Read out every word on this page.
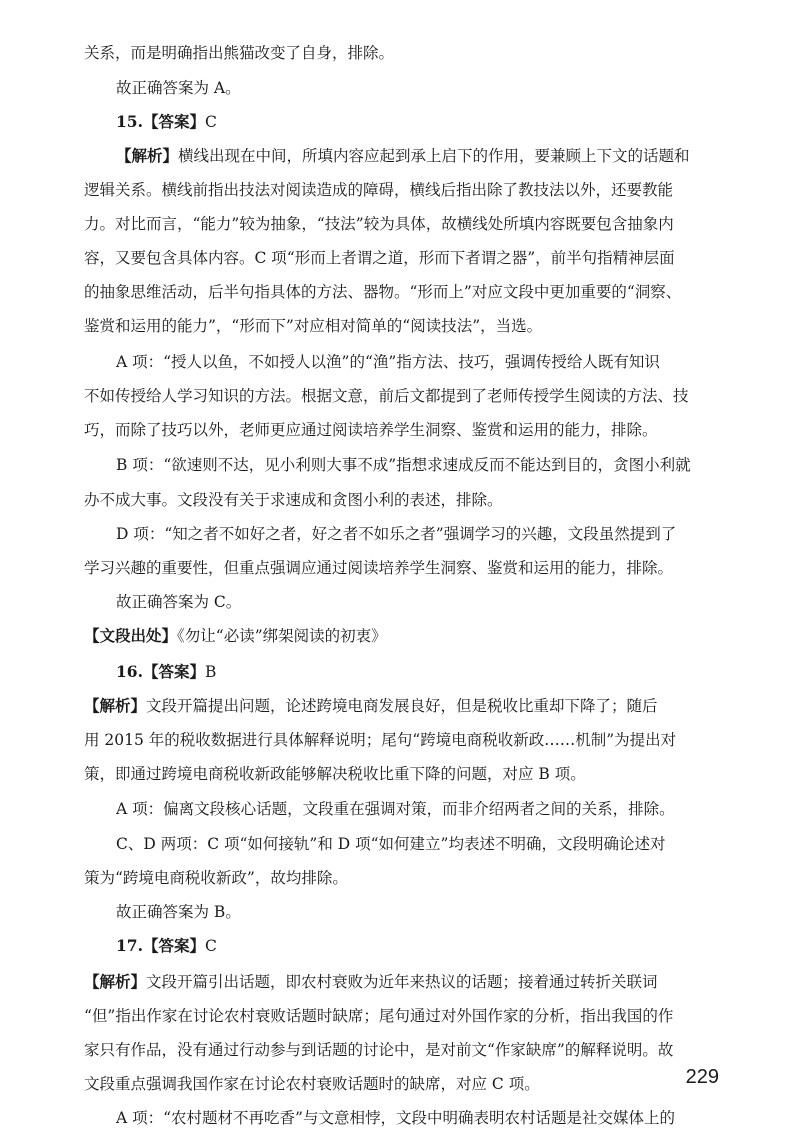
关系，而是明确指出熊猫改变了自身，排除。
故正确答案为 A。
15.【答案】C
【解析】横线出现在中间，所填内容应起到承上启下的作用，要兼顾上下文的话题和
逻辑关系。横线前指出技法对阅读造成的障碍，横线后指出除了教技法以外，还要教能
力。对比而言，“能力”较为抽象，“技法”较为具体，故横线处所填内容既要包含抽象内
容，又要包含具体内容。C 项“形而上者谓之道，形而下者谓之器”，前半句指精神层面
的抽象思维活动，后半句指具体的方法、器物。“形而上”对应文段中更加重要的“洞察、
鉴赏和运用的能力”，“形而下”对应相对简单的“阅读技法”，当选。
A 项：“授人以鱼，不如授人以渔”的“渔”指方法、技巧，强调传授给人既有知识
不如传授给人学习知识的方法。根据文意，前后文都提到了老师传授学生阅读的方法、技
巧，而除了技巧以外，老师更应通过阅读培养学生洞察、鉴赏和运用的能力，排除。
B 项：“欲速则不达，见小利则大事不成”指想求速成反而不能达到目的，贪图小利就
办不成大事。文段没有关于求速成和贪图小利的表述，排除。
D 项：“知之者不如好之者，好之者不如乐之者”强调学习的兴趣，文段虽然提到了
学习兴趣的重要性，但重点强调应通过阅读培养学生洞察、鉴赏和运用的能力，排除。
故正确答案为 C。
【文段出处】《勿让“必读”绑架阅读的初衷》
16.【答案】B
【解析】文段开篇提出问题，论述跨境电商发展良好，但是税收比重却下降了；随后
用 2015 年的税收数据进行具体解释说明；尾句“跨境电商税收新政……机制”为提出对
策，即通过跨境电商税收新政能够解决税收比重下降的问题，对应 B 项。
A 项：偏离文段核心话题，文段重在强调对策，而非介绍两者之间的关系，排除。
C、D 两项：C 项“如何接轨”和 D 项“如何建立”均表述不明确，文段明确论述对
策为“跨境电商税收新政”，故均排除。
故正确答案为 B。
17.【答案】C
【解析】文段开篇引出话题，即农村衰败为近年来热议的话题；接着通过转折关联词
“但”指出作家在讨论农村衰败话题时缺席；尾句通过对外国作家的分析，指出我国的作
家只有作品，没有通过行动参与到话题的讨论中，是对前文“作家缺席”的解释说明。故
文段重点强调我国作家在讨论农村衰败话题时的缺席，对应 C 项。
A 项：“农村题材不再吃香”与文意相悖，文段中明确表明农村话题是社交媒体上的
229
